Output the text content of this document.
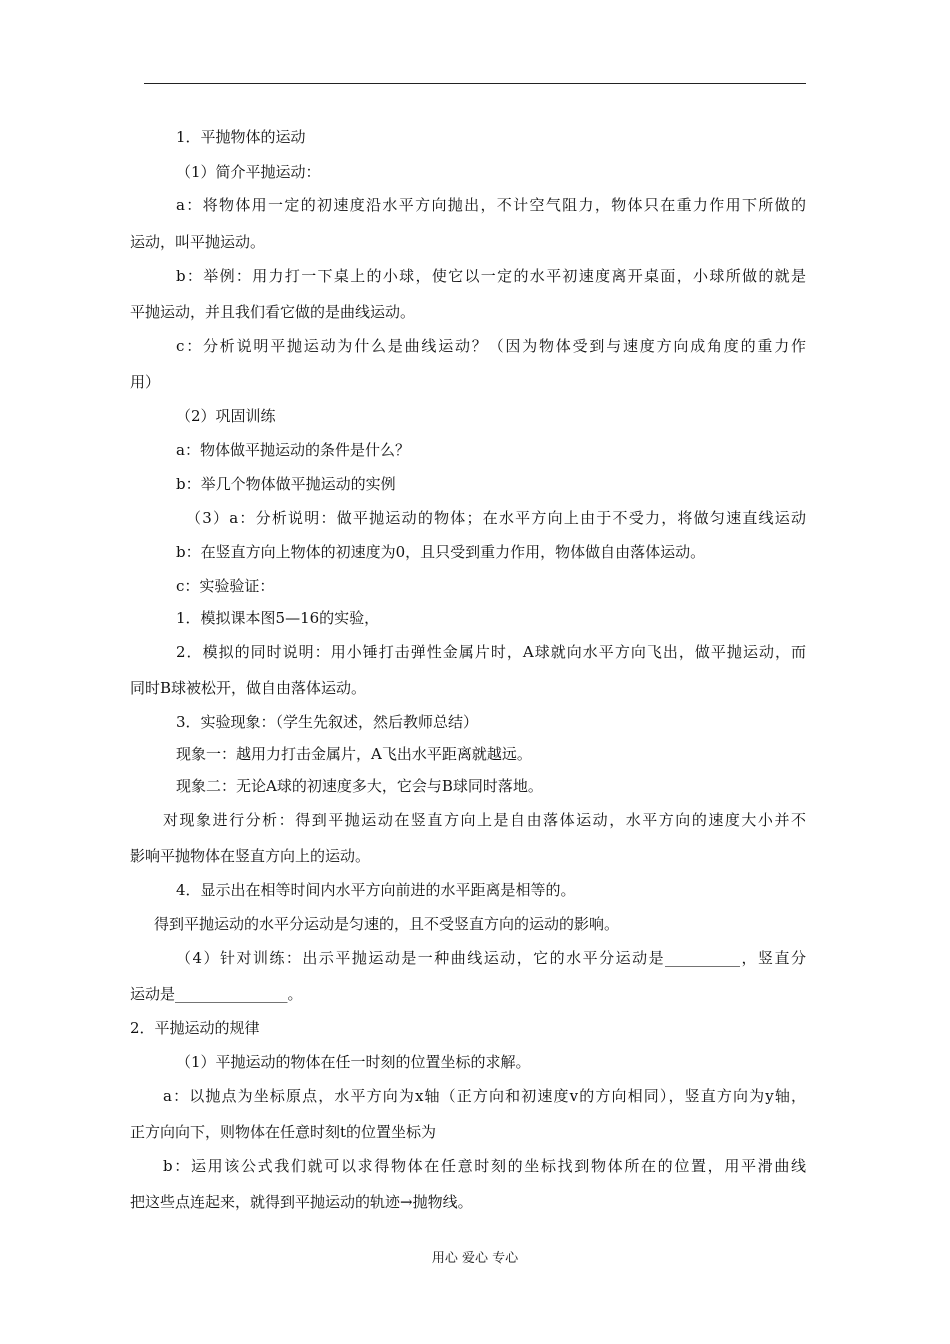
1．平抛物体的运动
（1）简介平抛运动：
a：将物体用一定的初速度沿水平方向抛出，不计空气阻力，物体只在重力作用下所做的
运动，叫平抛运动。
b：举例：用力打一下桌上的小球，使它以一定的水平初速度离开桌面，小球所做的就是
平抛运动，并且我们看它做的是曲线运动。
c：分析说明平抛运动为什么是曲线运动？（因为物体受到与速度方向成角度的重力作
用）
（2）巩固训练
a：物体做平抛运动的条件是什么？
b：举几个物体做平抛运动的实例
（3）a：分析说明：做平抛运动的物体；在水平方向上由于不受力，将做匀速直线运动
b：在竖直方向上物体的初速度为0，且只受到重力作用，物体做自由落体运动。
c：实验验证：
1．模拟课本图5—16的实验，
2．模拟的同时说明：用小锤打击弹性金属片时，A球就向水平方向飞出，做平抛运动，而
同时B球被松开，做自由落体运动。
3．实验现象：（学生先叙述，然后教师总结）
现象一：越用力打击金属片，A飞出水平距离就越远。
现象二：无论A球的初速度多大，它会与B球同时落地。
对现象进行分析：得到平抛运动在竖直方向上是自由落体运动，水平方向的速度大小并不
影响平抛物体在竖直方向上的运动。
4．显示出在相等时间内水平方向前进的水平距离是相等的。
得到平抛运动的水平分运动是匀速的，且不受竖直方向的运动的影响。
（4）针对训练：出示平抛运动是一种曲线运动，它的水平分运动是__________，竖直分
运动是_______________。
2．平抛运动的规律
（1）平抛运动的物体在任一时刻的位置坐标的求解。
a：以抛点为坐标原点，水平方向为x轴（正方向和初速度v的方向相同），竖直方向为y轴，
正方向向下，则物体在任意时刻t的位置坐标为
b：运用该公式我们就可以求得物体在任意时刻的坐标找到物体所在的位置，用平滑曲线
把这些点连起来，就得到平抛运动的轨迹→抛物线。
用心 爱心 专心
